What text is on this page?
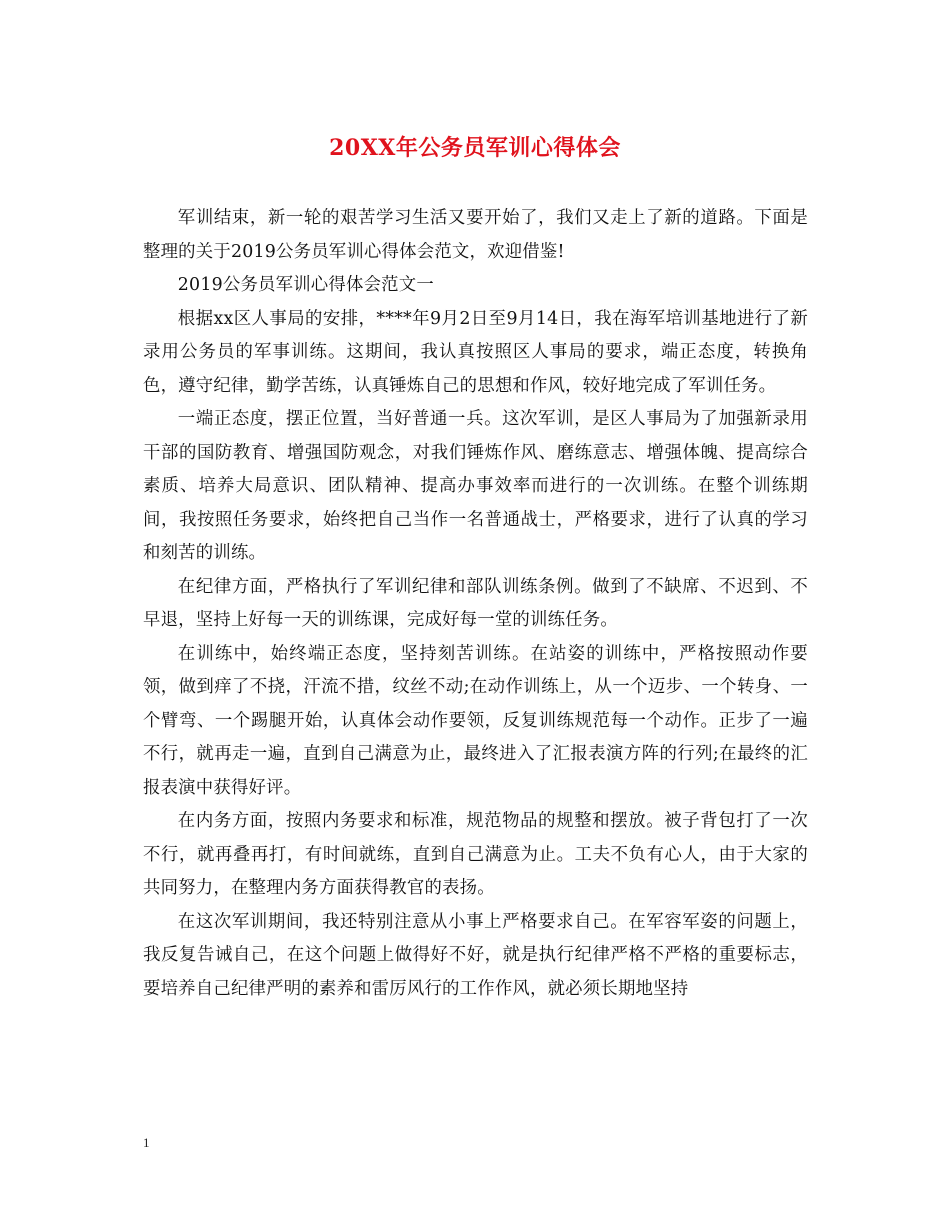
20XX年公务员军训心得体会

军训结束，新一轮的艰苦学习生活又要开始了，我们又走上了新的道路。下面是整理的关于2019公务员军训心得体会范文，欢迎借鉴!

2019公务员军训心得体会范文一

根据xx区人事局的安排，****年9月2日至9月14日，我在海军培训基地进行了新录用公务员的军事训练。这期间，我认真按照区人事局的要求，端正态度，转换角色，遵守纪律，勤学苦练，认真锤炼自己的思想和作风，较好地完成了军训任务。

一端正态度，摆正位置，当好普通一兵。这次军训，是区人事局为了加强新录用干部的国防教育、增强国防观念，对我们锤炼作风、磨练意志、增强体魄、提高综合素质、培养大局意识、团队精神、提高办事效率而进行的一次训练。在整个训练期间，我按照任务要求，始终把自己当作一名普通战士，严格要求，进行了认真的学习和刻苦的训练。

在纪律方面，严格执行了军训纪律和部队训练条例。做到了不缺席、不迟到、不早退，坚持上好每一天的训练课，完成好每一堂的训练任务。

在训练中，始终端正态度，坚持刻苦训练。在站姿的训练中，严格按照动作要领，做到痒了不挠，汗流不措，纹丝不动;在动作训练上，从一个迈步、一个转身、一个臂弯、一个踢腿开始，认真体会动作要领，反复训练规范每一个动作。正步了一遍不行，就再走一遍，直到自己满意为止，最终进入了汇报表演方阵的行列;在最终的汇报表演中获得好评。

在内务方面，按照内务要求和标准，规范物品的规整和摆放。被子背包打了一次不行，就再叠再打，有时间就练，直到自己满意为止。工夫不负有心人，由于大家的共同努力，在整理内务方面获得教官的表扬。

在这次军训期间，我还特别注意从小事上严格要求自己。在军容军姿的问题上，我反复告诫自己，在这个问题上做得好不好，就是执行纪律严格不严格的重要标志，要培养自己纪律严明的素养和雷厉风行的工作作风，就必须长期地坚持

1
